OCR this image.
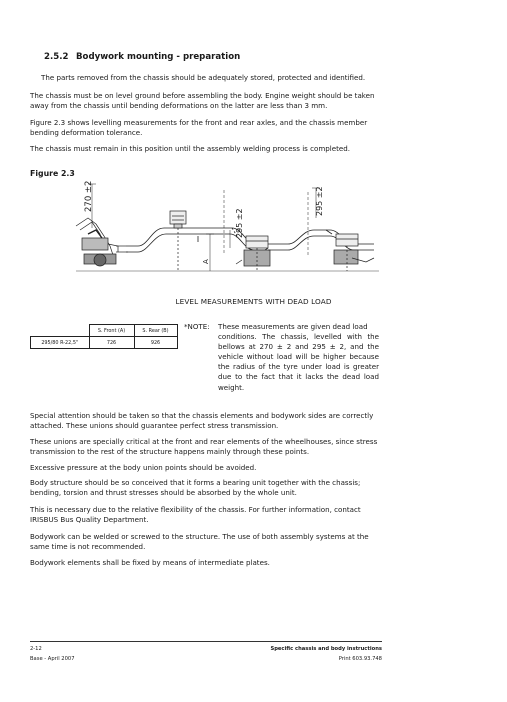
2.5.2 Bodywork mounting - preparation

The parts removed from the chassis should be adequately stored, protected and identified.

The chassis must be on level ground before assembling the body. Engine weight should be taken away from the chassis until bending deformations on the latter are less than 3 mm.

Figure 2.3 shows levelling measurements for the front and rear axles, and the chassis member bending deformation tolerance.

The chassis must remain in this position until the assembly welding process is completed.

Figure 2.3
270 ±2
A
295 ±2
295 ±2
LEVEL MEASUREMENTS WITH DEAD LOAD
	S. Front (A)	S. Rear (B)
295/80 R-22,5"	726	926
*NOTE: These measurements are given dead load
conditions. The chassis, levelled with the bellows at 270 ± 2 and 295 ± 2, and the vehicle without load will be higher because the radius of the tyre under load is greater due to the fact that it lacks the dead load weight.

Special attention should be taken so that the chassis elements and bodywork sides are correctly attached. These unions should guarantee perfect stress transmission.

These unions are specially critical at the front and rear elements of the wheelhouses, since stress transmission to the rest of the structure happens mainly through these points.

Excessive pressure at the body union points should be avoided.

Body structure should be so conceived that it forms a bearing unit together with the chassis; bending, torsion and thrust stresses should be absorbed by the whole unit.

This is necessary due to the relative flexibility of the chassis. For further information, contact IRISBUS Bus Quality Department.

Bodywork can be welded or screwed to the structure. The use of both assembly systems at the same time is not recommended.

Bodywork elements shall be fixed by means of intermediate plates.

2-12
Base - April 2007
Specific chassis and body instructions
Print 603.93.748
